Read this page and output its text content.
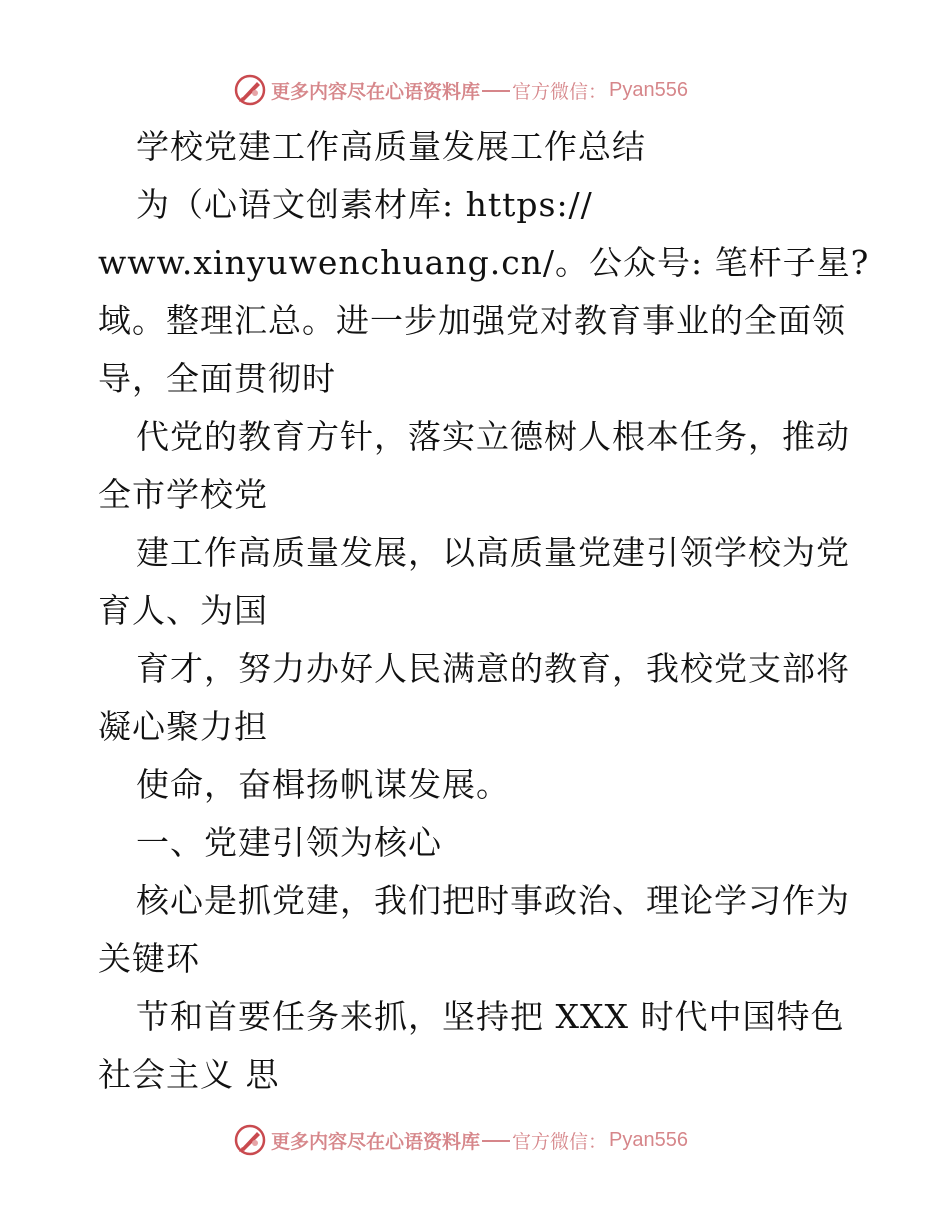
更多内容尽在心语资料库 官方微信： Pyan556
学校党建工作高质量发展工作总结
为（心语文创素材库: https://
www.xinyuwenchuang.cn/。公众号: 笔杆子星?
域。整理汇总。进一步加强党对教育事业的全面领
导，全面贯彻时
代党的教育方针，落实立德树人根本任务，推动
全市学校党
建工作高质量发展，以高质量党建引领学校为党
育人、为国
育才，努力办好人民满意的教育，我校党支部将
凝心聚力担
使命，奋楫扬帆谋发展。
一、党建引领为核心
核心是抓党建，我们把时事政治、理论学习作为
关键环
节和首要任务来抓，坚持把 XXX 时代中国特色
社会主义 思
更多内容尽在心语资料库 官方微信： Pyan556
